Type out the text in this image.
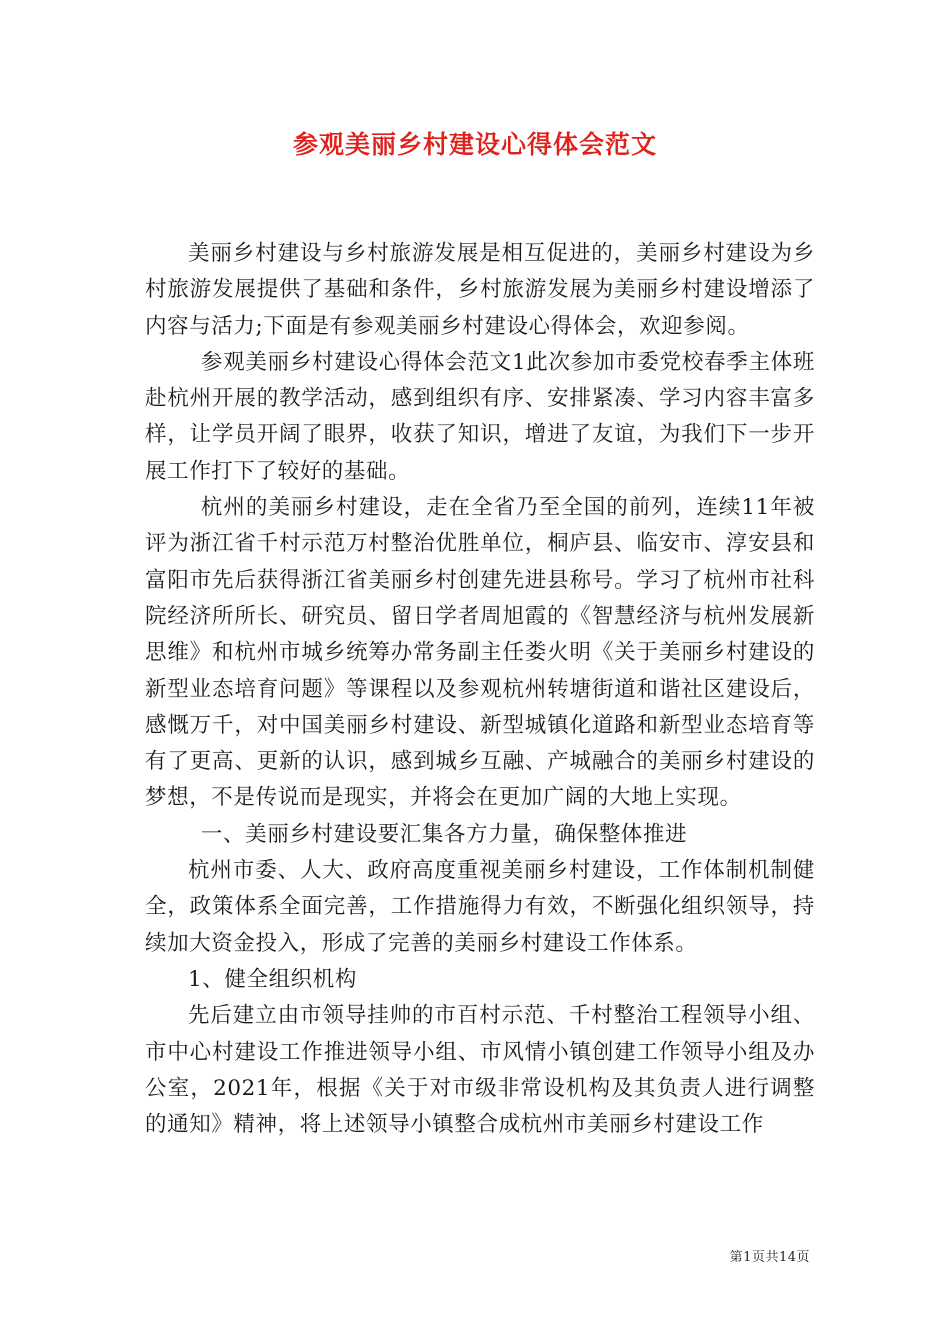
参观美丽乡村建设心得体会范文

美丽乡村建设与乡村旅游发展是相互促进的，美丽乡村建设为乡村旅游发展提供了基础和条件，乡村旅游发展为美丽乡村建设增添了内容与活力;下面是有参观美丽乡村建设心得体会，欢迎参阅。

参观美丽乡村建设心得体会范文1此次参加市委党校春季主体班赴杭州开展的教学活动，感到组织有序、安排紧凑、学习内容丰富多样，让学员开阔了眼界，收获了知识，增进了友谊，为我们下一步开展工作打下了较好的基础。

杭州的美丽乡村建设，走在全省乃至全国的前列，连续11年被评为浙江省千村示范万村整治优胜单位，桐庐县、临安市、淳安县和富阳市先后获得浙江省美丽乡村创建先进县称号。学习了杭州市社科院经济所所长、研究员、留日学者周旭霞的《智慧经济与杭州发展新思维》和杭州市城乡统筹办常务副主任娄火明《关于美丽乡村建设的新型业态培育问题》等课程以及参观杭州转塘街道和谐社区建设后，感慨万千，对中国美丽乡村建设、新型城镇化道路和新型业态培育等有了更高、更新的认识，感到城乡互融、产城融合的美丽乡村建设的梦想，不是传说而是现实，并将会在更加广阔的大地上实现。

一、美丽乡村建设要汇集各方力量，确保整体推进

杭州市委、人大、政府高度重视美丽乡村建设，工作体制机制健全，政策体系全面完善，工作措施得力有效，不断强化组织领导，持续加大资金投入，形成了完善的美丽乡村建设工作体系。

1、健全组织机构

先后建立由市领导挂帅的市百村示范、千村整治工程领导小组、市中心村建设工作推进领导小组、市风情小镇创建工作领导小组及办公室，2021年，根据《关于对市级非常设机构及其负责人进行调整的通知》精神，将上述领导小镇整合成杭州市美丽乡村建设工作

第1页共14页
